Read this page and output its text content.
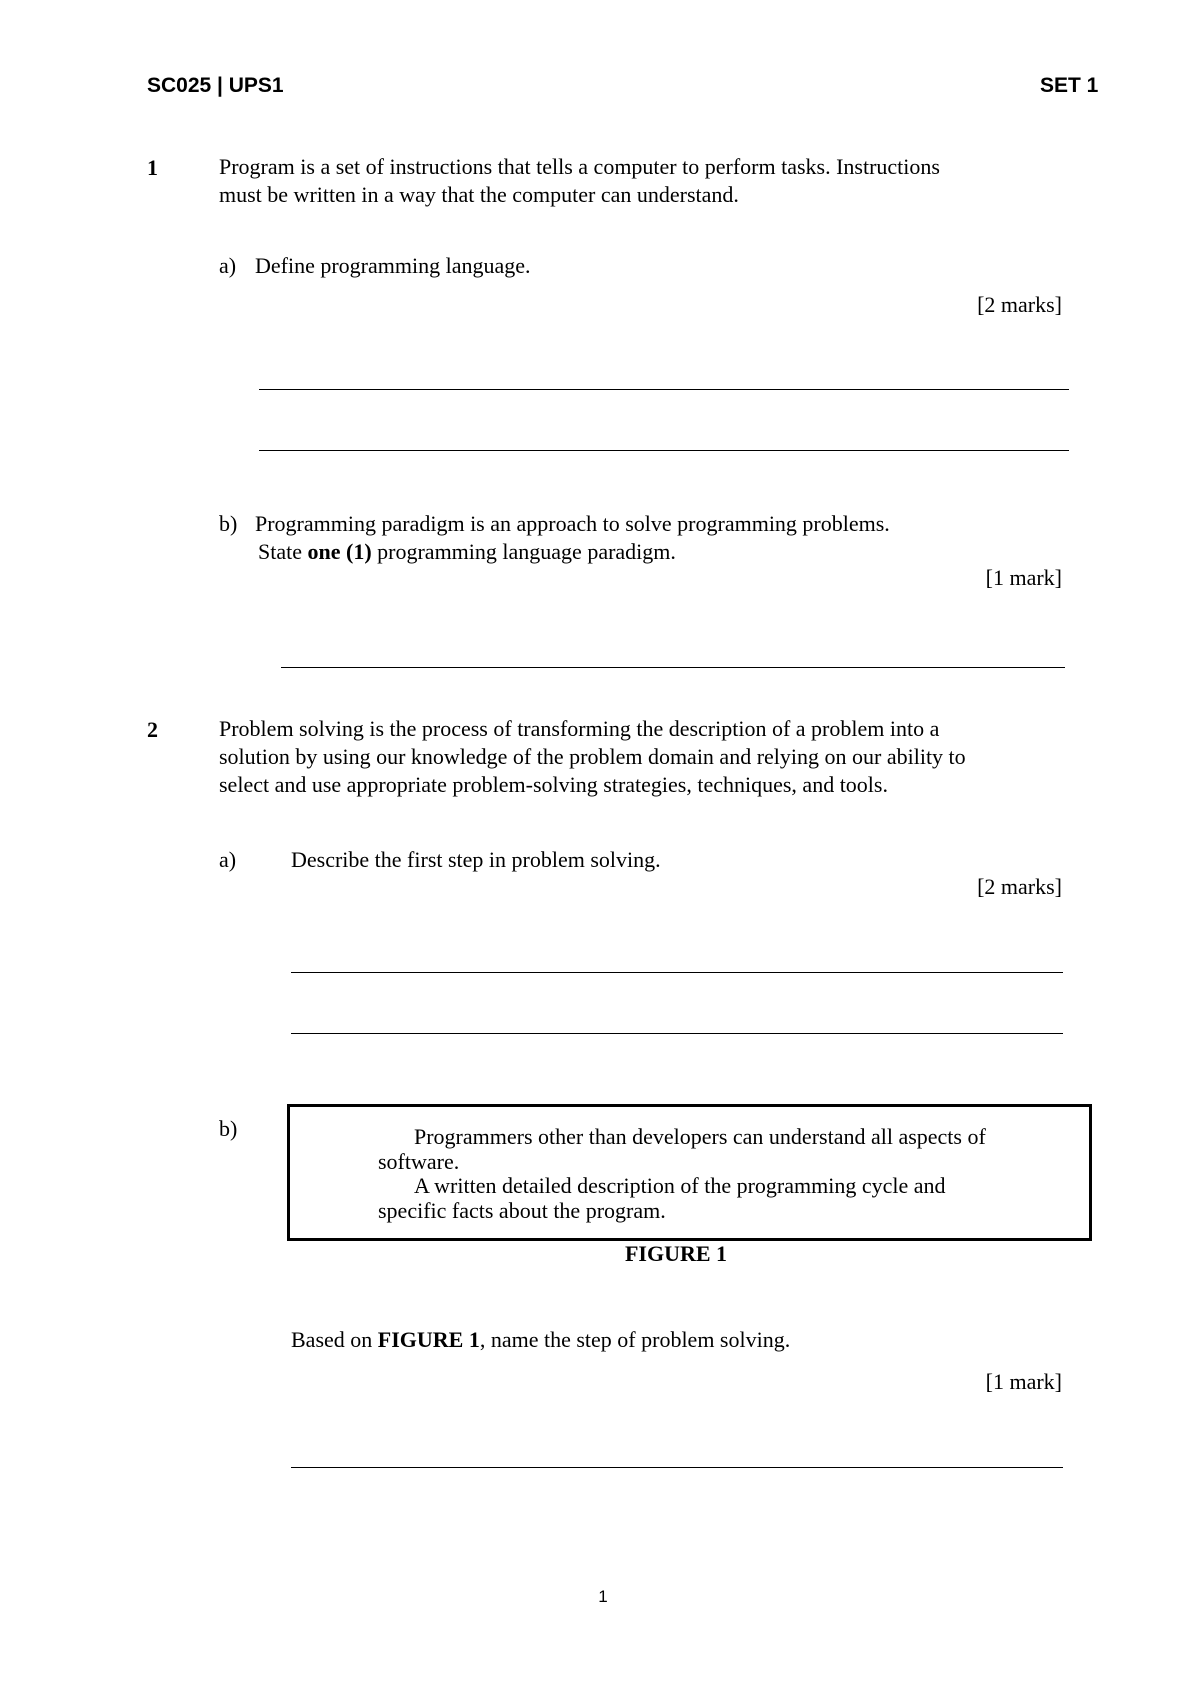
SC025 | UPS1	SET 1
1	Program is a set of instructions that tells a computer to perform tasks. Instructions
must be written in a way that the computer can understand.
a) Define programming language.
[2 marks]
b) Programming paradigm is an approach to solve programming problems.
State one (1) programming language paradigm.
[1 mark]
2	Problem solving is the process of transforming the description of a problem into a
solution by using our knowledge of the problem domain and relying on our ability to
select and use appropriate problem-solving strategies, techniques, and tools.
a) Describe the first step in problem solving.
[2 marks]
b)	Programmers other than developers can understand all aspects of
software.
A written detailed description of the programming cycle and
specific facts about the program.
FIGURE 1
Based on FIGURE 1, name the step of problem solving.
[1 mark]
1
